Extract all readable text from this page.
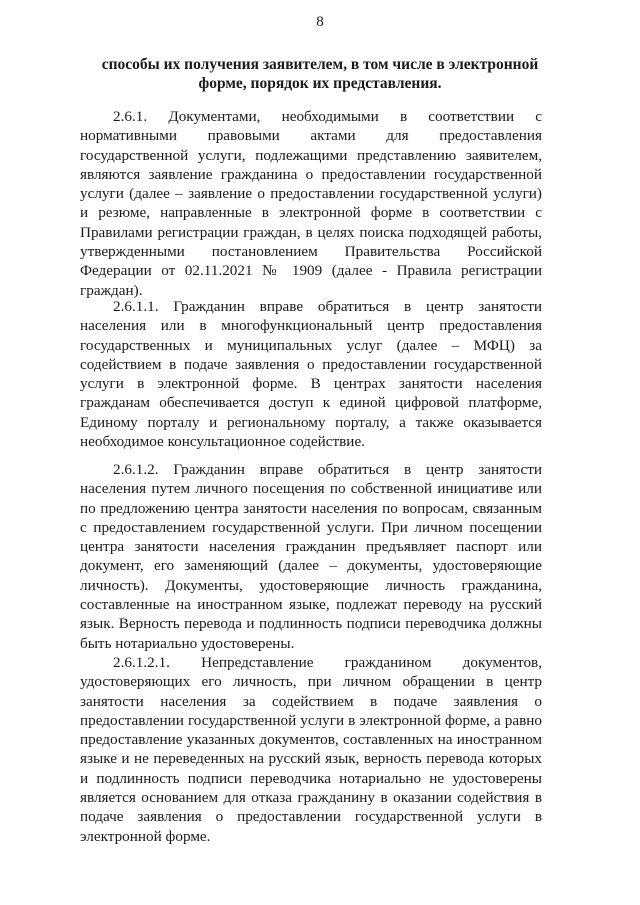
8
способы их получения заявителем, в том числе в электронной форме, порядок их представления.

2.6.1. Документами, необходимыми в соответствии с нормативными правовыми актами для предоставления государственной услуги, подлежащими представлению заявителем, являются заявление гражданина о предоставлении государственной услуги (далее – заявление о предоставлении государственной услуги) и резюме, направленные в электронной форме в соответствии с Правилами регистрации граждан, в целях поиска подходящей работы, утвержденными постановлением Правительства Российской Федерации от 02.11.2021 № 1909 (далее - Правила регистрации граждан).

2.6.1.1. Гражданин вправе обратиться в центр занятости населения или в многофункциональный центр предоставления государственных и муниципальных услуг (далее – МФЦ) за содействием в подаче заявления о предоставлении государственной услуги в электронной форме. В центрах занятости населения гражданам обеспечивается доступ к единой цифровой платформе, Единому порталу и региональному порталу, а также оказывается необходимое консультационное содействие.

2.6.1.2. Гражданин вправе обратиться в центр занятости населения путем личного посещения по собственной инициативе или по предложению центра занятости населения по вопросам, связанным с предоставлением государственной услуги. При личном посещении центра занятости населения гражданин предъявляет паспорт или документ, его заменяющий (далее – документы, удостоверяющие личность). Документы, удостоверяющие личность гражданина, составленные на иностранном языке, подлежат переводу на русский язык. Верность перевода и подлинность подписи переводчика должны быть нотариально удостоверены.

2.6.1.2.1. Непредставление гражданином документов, удостоверяющих его личность, при личном обращении в центр занятости населения за содействием в подаче заявления о предоставлении государственной услуги в электронной форме, а равно предоставление указанных документов, составленных на иностранном языке и не переведенных на русский язык, верность перевода которых и подлинность подписи переводчика нотариально не удостоверены является основанием для отказа гражданину в оказании содействия в подаче заявления о предоставлении государственной услуги в электронной форме.
